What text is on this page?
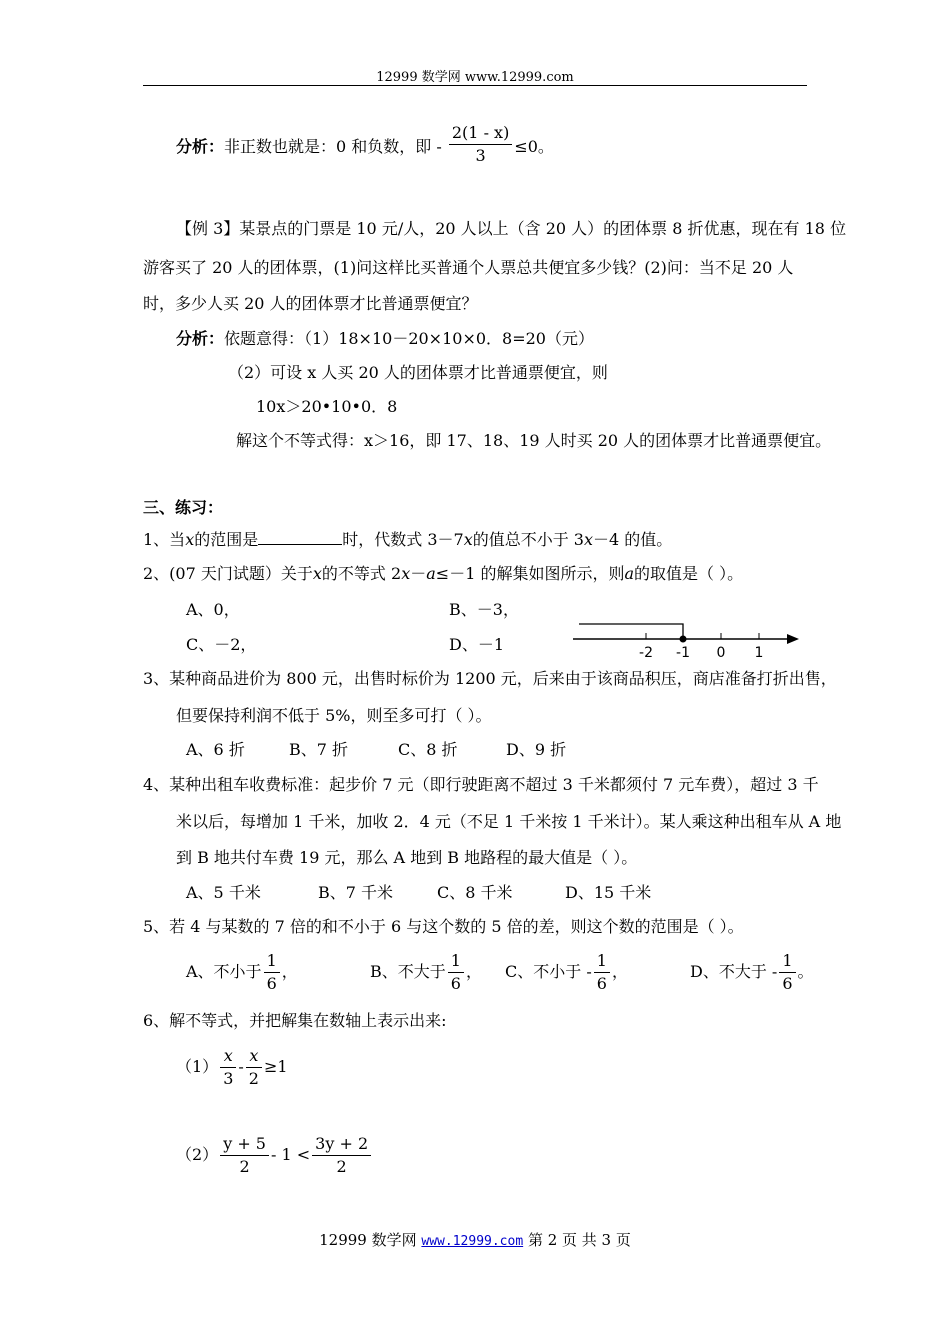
12999 数学网 www.12999.com
分析：非正数也就是：0 和负数，即 - $\frac{2(1 - x)}{3} \le 0$。
【例 3】某景点的门票是 10 元/人，20 人以上（含 20 人）的团体票 8 折优惠，现在有 18 位
游客买了 20 人的团体票，(1)问这样比买普通个人票总共便宜多少钱？(2)问：当不足 20 人
时，多少人买 20 人的团体票才比普通票便宜？
分析：依题意得：（1）18×10－20×10×0．8=20（元）
（2）可设 x 人买 20 人的团体票才比普通票便宜，则
10x＞20•10•0．8
解这个不等式得：x＞16，即 17、18、19 人时买 20 人的团体票才比普通票便宜。
三、练习：
1、当x的范围是	时，代数式 3－7x的值总不小于 3x－4 的值。
2、(07 天门试题）关于x的不等式 2x－a≤－1 的解集如图所示，则a的取值是（ ）。
A、0，	B、－3，
C、－2，	D、－1	-2 -1 0 1
3、某种商品进价为 800 元，出售时标价为 1200 元，后来由于该商品积压，商店准备打折出售，
但要保持利润不低于 5%，则至多可打（ ）。
A、6 折	B、7 折	C、8 折	D、9 折
4、某种出租车收费标准：起步价 7 元（即行驶距离不超过 3 千米都须付 7 元车费），超过 3 千
米以后，每增加 1 千米，加收 2．4 元（不足 1 千米按 1 千米计）。某人乘这种出租车从 A 地
到 B 地共付车费 19 元，那么 A 地到 B 地路程的最大值是（ ）。
A、5 千米	B、7 千米	C、8 千米	D、15 千米
5、若 4 与某数的 7 倍的和不小于 6 与这个数的 5 倍的差，则这个数的范围是（ ）。
A、不小于 $\frac{1}{6}$ ，	B、不大于 $\frac{1}{6}$ ， C、不小于 - $\frac{1}{6}$ ，	D、不大于 - $\frac{1}{6}$ 。
6、解不等式，并把解集在数轴上表示出来:
$(1) \frac{x}{3} - \frac{x}{2} \ge 1$
$(2) \frac{y + 5}{2} - 1 < \frac{3y + 2}{2}$
12999 数学网 www.12999.com 第 2 页 共 3 页
